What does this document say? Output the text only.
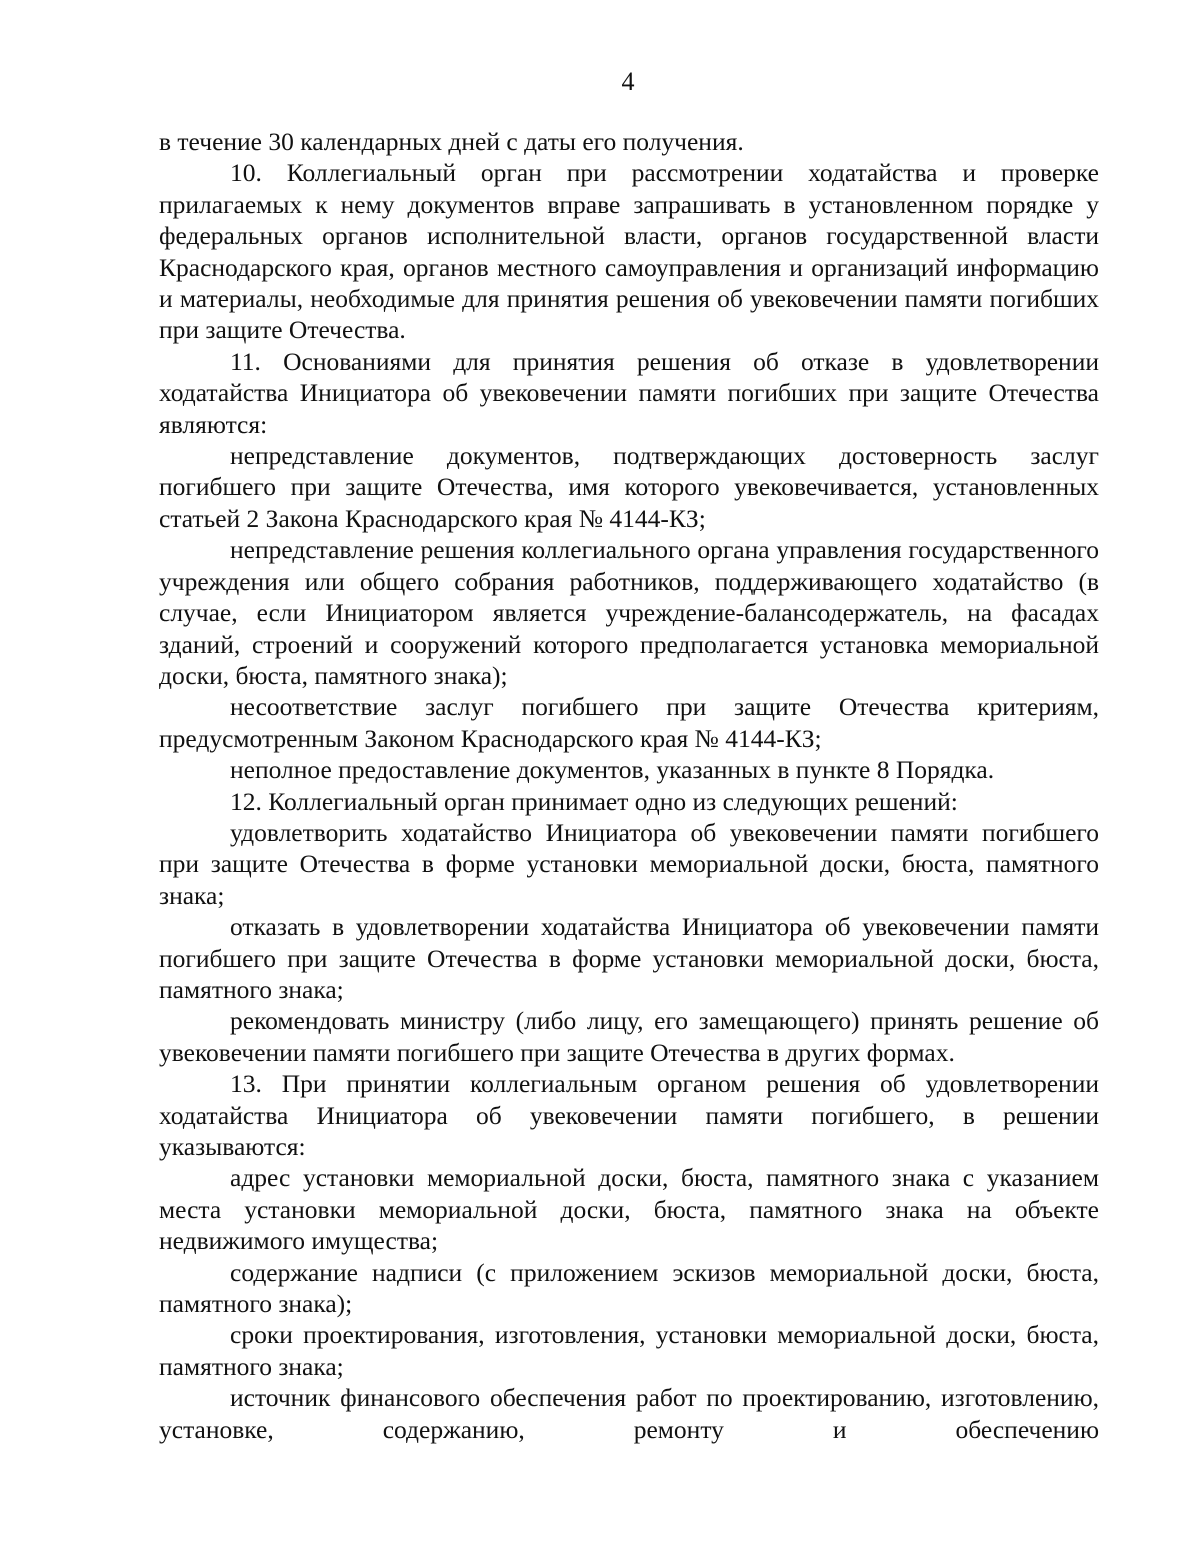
4

в течение 30 календарных дней с даты его получения.

10. Коллегиальный орган при рассмотрении ходатайства и проверке прилагаемых к нему документов вправе запрашивать в установленном порядке у федеральных органов исполнительной власти, органов государственной власти Краснодарского края, органов местного самоуправления и организаций информацию и материалы, необходимые для принятия решения об увековечении памяти погибших при защите Отечества.

11. Основаниями для принятия решения об отказе в удовлетворении ходатайства Инициатора об увековечении памяти погибших при защите Отечества являются:

непредставление документов, подтверждающих достоверность заслуг погибшего при защите Отечества, имя которого увековечивается, установленных статьей 2 Закона Краснодарского края № 4144-КЗ;

непредставление решения коллегиального органа управления государственного учреждения или общего собрания работников, поддерживающего ходатайство (в случае, если Инициатором является учреждение-балансодержатель, на фасадах зданий, строений и сооружений которого предполагается установка мемориальной доски, бюста, памятного знака);

несоответствие заслуг погибшего при защите Отечества критериям, предусмотренным Законом Краснодарского края № 4144-КЗ;

неполное предоставление документов, указанных в пункте 8 Порядка.

12. Коллегиальный орган принимает одно из следующих решений:

удовлетворить ходатайство Инициатора об увековечении памяти погибшего при защите Отечества в форме установки мемориальной доски, бюста, памятного знака;

отказать в удовлетворении ходатайства Инициатора об увековечении памяти погибшего при защите Отечества в форме установки мемориальной доски, бюста, памятного знака;

рекомендовать министру (либо лицу, его замещающего) принять решение об увековечении памяти погибшего при защите Отечества в других формах.

13. При принятии коллегиальным органом решения об удовлетворении ходатайства Инициатора об увековечении памяти погибшего, в решении указываются:

адрес установки мемориальной доски, бюста, памятного знака с указанием места установки мемориальной доски, бюста, памятного знака на объекте недвижимого имущества;

содержание надписи (с приложением эскизов мемориальной доски, бюста, памятного знака);

сроки проектирования, изготовления, установки мемориальной доски, бюста, памятного знака;

источник финансового обеспечения работ по проектированию, изготовлению, установке, содержанию, ремонту и обеспечению
